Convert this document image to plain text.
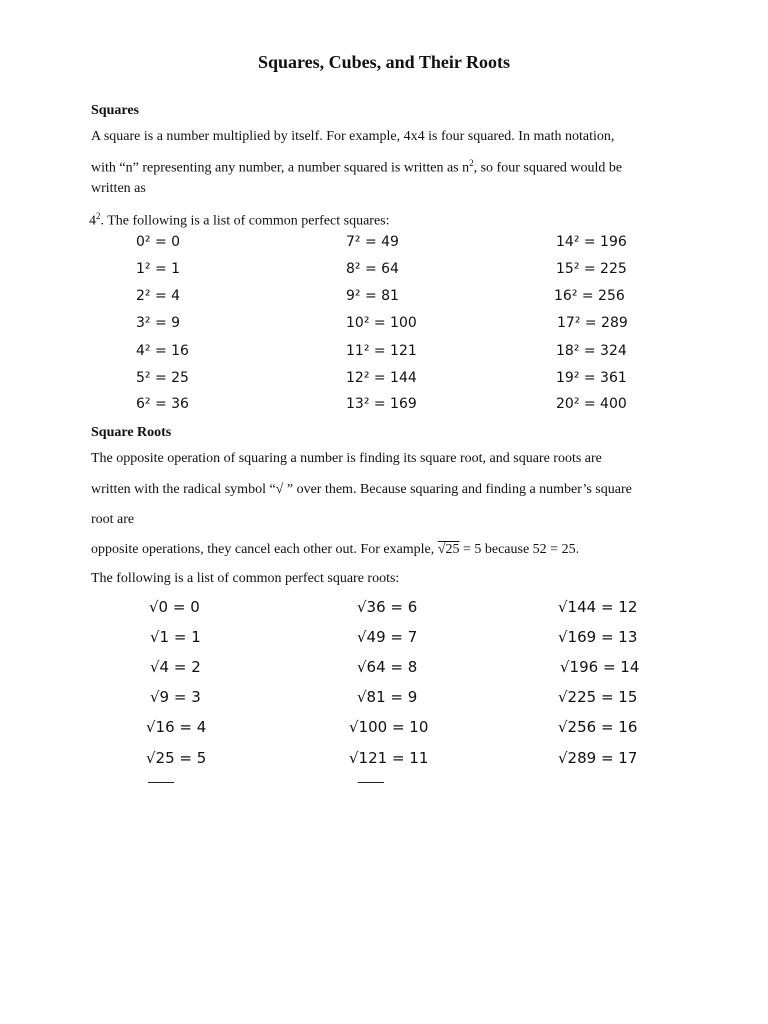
Squares, Cubes, and Their Roots
Squares
A square is a number multiplied by itself. For example, 4x4 is four squared. In math notation,
with “n” representing any number, a number squared is written as $n^2$, so four squared would be
written as
$4^2$. The following is a list of common perfect squares:
0² = 0
1² = 1
2² = 4
3² = 9
4² = 16
5² = 25
6² = 36
7² = 49
8² = 64
9² = 81
10² = 100
11² = 121
12² = 144
13² = 169
14² = 196
15² = 225
16² = 256
17² = 289
18² = 324
19² = 361
20² = 400
Square Roots
The opposite operation of squaring a number is finding its square root, and square roots are
written with the radical symbol “√ ” over them. Because squaring and finding a number’s square
root are
opposite operations, they cancel each other out. For example, √25 = 5 because 52 = 25.
The following is a list of common perfect square roots:
√0 = 0
√1 = 1
√4 = 2
√9 = 3
√16 = 4
√25 = 5
√36 = 6
√49 = 7
√64 = 8
√81 = 9
√100 = 10
√121 = 11
√144 = 12
√169 = 13
√196 = 14
√225 = 15
√256 = 16
√289 = 17
